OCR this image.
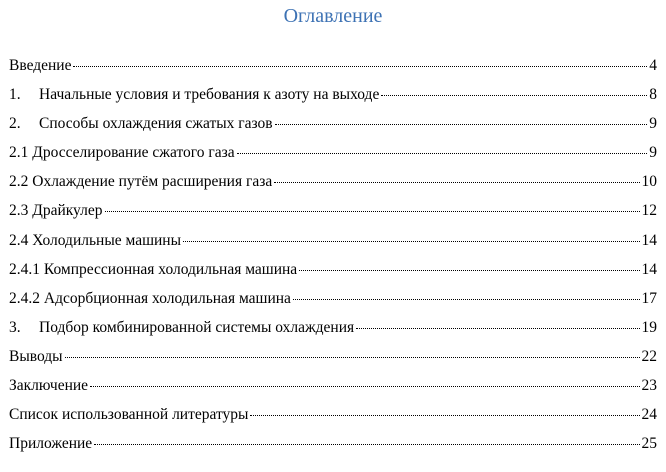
Оглавление
Введение	4
1. Начальные условия и требования к азоту на выходе	8
2. Способы охлаждения сжатых газов	9
2.1 Дросселирование сжатого газа	9
2.2 Охлаждение путём расширения газа	10
2.3 Драйкулер	12
2.4 Холодильные машины	14
2.4.1 Компрессионная холодильная машина	14
2.4.2 Адсорбционная холодильная машина	17
3. Подбор комбинированной системы охлаждения	19
Выводы	22
Заключение	23
Список использованной литературы	24
Приложение	25
